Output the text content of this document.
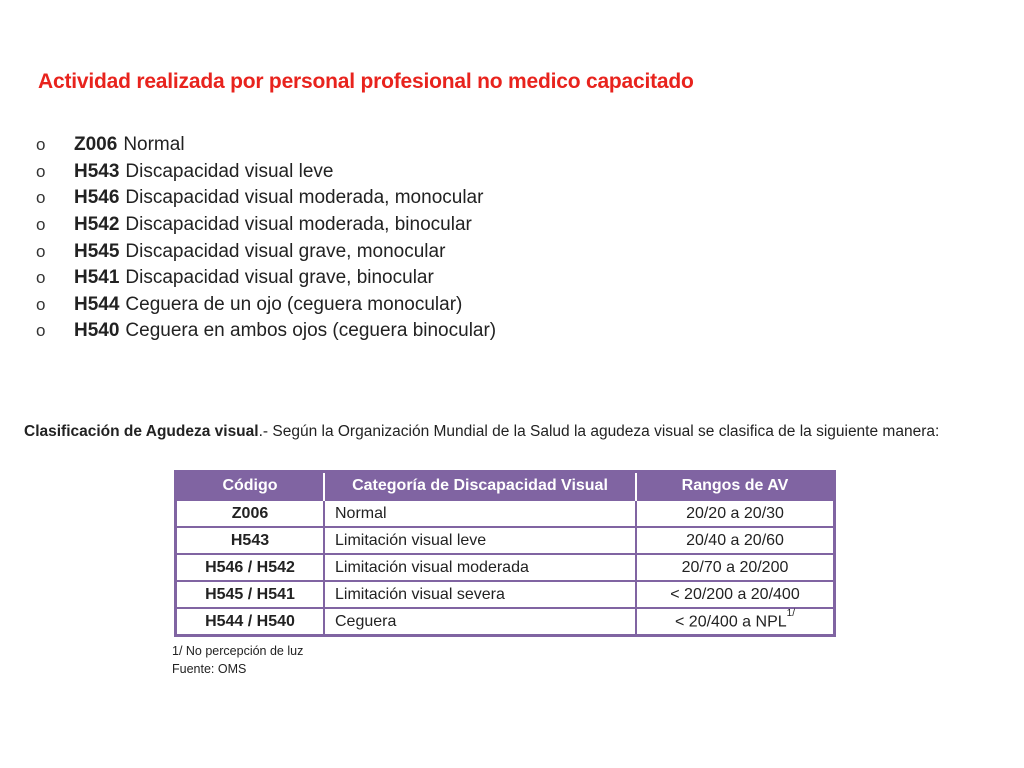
Actividad realizada por personal profesional no medico capacitado
o	Z006 Normal
o	H543 Discapacidad visual leve
o	H546 Discapacidad visual moderada, monocular
o	H542 Discapacidad visual moderada, binocular
o	H545 Discapacidad visual grave, monocular
o	H541 Discapacidad visual grave, binocular
o	H544 Ceguera de un ojo (ceguera monocular)
o	H540 Ceguera en ambos ojos (ceguera binocular)

Clasificación de Agudeza visual.- Según la Organización Mundial de la Salud la agudeza visual se clasifica de la siguiente manera:

Código	Categoría de Discapacidad Visual	Rangos de AV
Z006	Normal	20/20 a 20/30
H543	Limitación visual leve	20/40 a 20/60
H546 / H542	Limitación visual moderada	20/70 a 20/200
H545 / H541	Limitación visual severa	< 20/200 a 20/400
H544 / H540	Ceguera	< 20/400 a NPL$^{1/}$
1/ No percepción de luz
Fuente: OMS
